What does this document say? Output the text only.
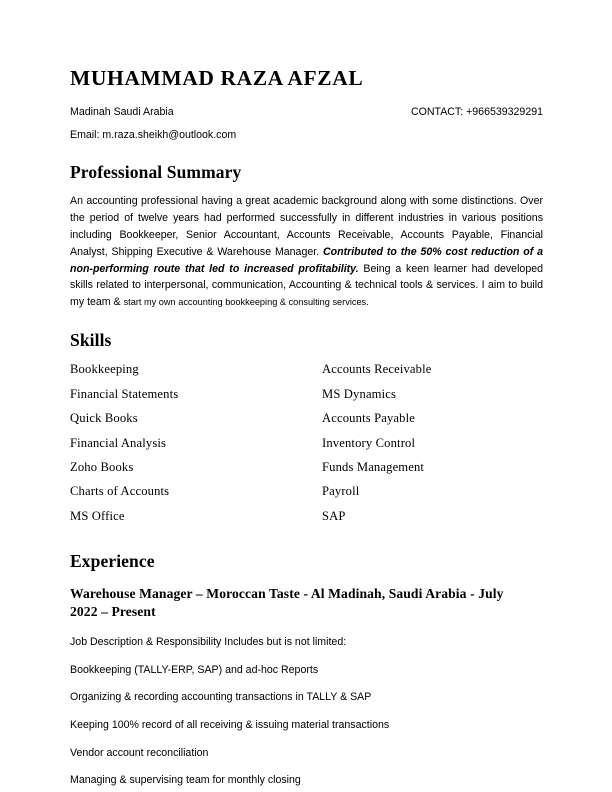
MUHAMMAD RAZA AFZAL
Madinah Saudi Arabia	CONTACT: +966539329291
Email: m.raza.sheikh@outlook.com
Professional Summary

An accounting professional having a great academic background along with some distinctions. Over the period of twelve years had performed successfully in different industries in various positions including Bookkeeper, Senior Accountant, Accounts Receivable, Accounts Payable, Financial Analyst, Shipping Executive & Warehouse Manager. Contributed to the 50% cost reduction of a non-performing route that led to increased profitability. Being a keen learner had developed skills related to interpersonal, communication, Accounting & technical tools & services. I aim to build my team & start my own accounting bookkeeping & consulting services.

Skills
Bookkeeping	Accounts Receivable
Financial Statements	MS Dynamics
Quick Books	Accounts Payable
Financial Analysis	Inventory Control
Zoho Books	Funds Management
Charts of Accounts	Payroll
MS Office	SAP
Experience
Warehouse Manager – Moroccan Taste - Al Madinah, Saudi Arabia - July 2022 – Present
Job Description & Responsibility Includes but is not limited:
Bookkeeping (TALLY-ERP, SAP) and ad-hoc Reports
Organizing & recording accounting transactions in TALLY & SAP
Keeping 100% record of all receiving & issuing material transactions
Vendor account reconciliation
Managing & supervising team for monthly closing
